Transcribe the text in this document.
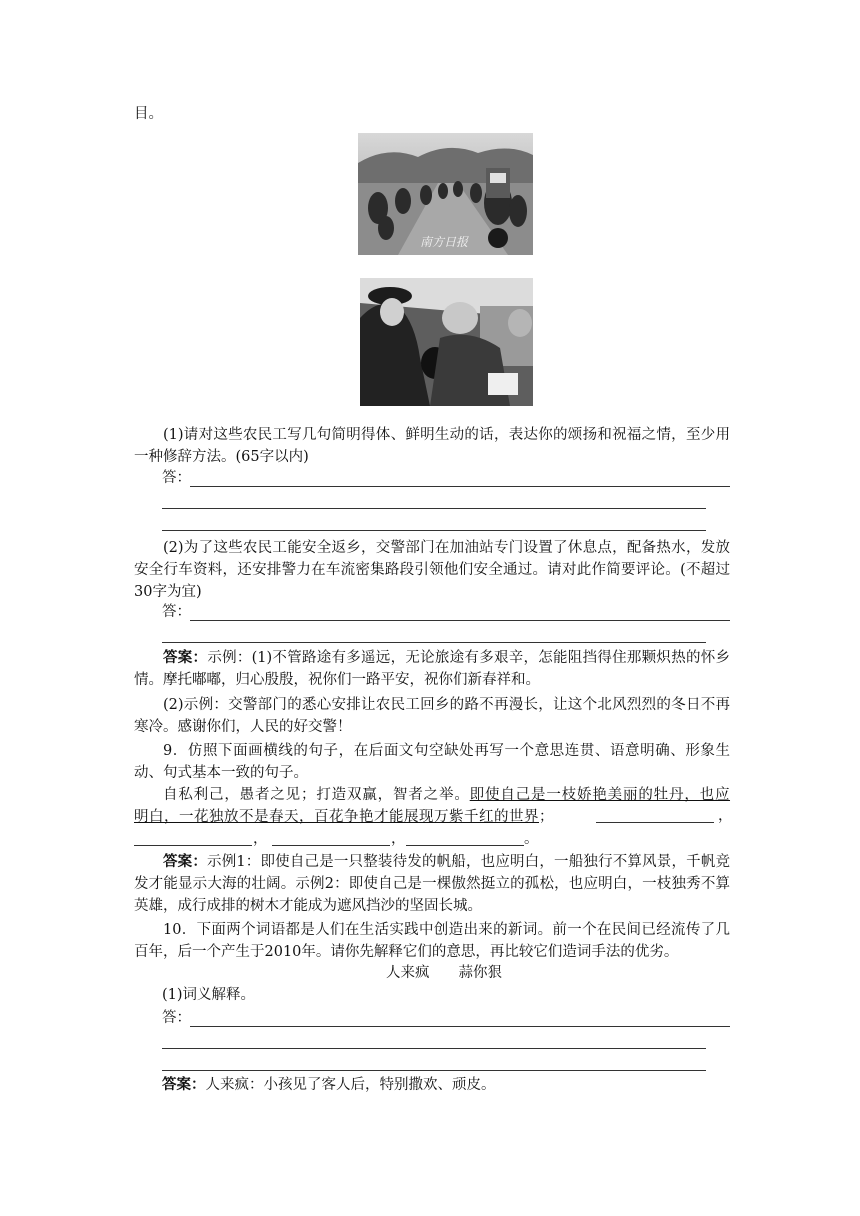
目。
南方日报
(1)请对这些农民工写几句简明得体、鲜明生动的话，表达你的颂扬和祝福之情，至少用一种修辞方法。(65字以内)
答：
(2)为了这些农民工能安全返乡，交警部门在加油站专门设置了休息点，配备热水，发放安全行车资料，还安排警力在车流密集路段引领他们安全通过。请对此作简要评论。(不超过30字为宜)
答：
答案：示例：(1)不管路途有多遥远，无论旅途有多艰辛，怎能阻挡得住那颗炽热的怀乡情。摩托嘟嘟，归心殷殷，祝你们一路平安，祝你们新春祥和。
(2)示例：交警部门的悉心安排让农民工回乡的路不再漫长，让这个北风烈烈的冬日不再寒冷。感谢你们，人民的好交警！
9．仿照下面画横线的句子，在后面文句空缺处再写一个意思连贯、语意明确、形象生动、句式基本一致的句子。
自私利己，愚者之见；打造双赢，智者之举。即使自己是一枝娇艳美丽的牡丹，也应明白，一花独放不是春天，百花争艳才能展现万紫千红的世界；	，
，	，	。
答案：示例1：即使自己是一只整装待发的帆船，也应明白，一船独行不算风景，千帆竞发才能显示大海的壮阔。示例2：即使自己是一棵傲然挺立的孤松，也应明白，一枝独秀不算英雄，成行成排的树木才能成为遮风挡沙的坚固长城。
10．下面两个词语都是人们在生活实践中创造出来的新词。前一个在民间已经流传了几百年，后一个产生于2010年。请你先解释它们的意思，再比较它们造词手法的优劣。
人来疯　　蒜你狠
(1)词义解释。
答：
答案：人来疯：小孩见了客人后，特别撒欢、顽皮。
